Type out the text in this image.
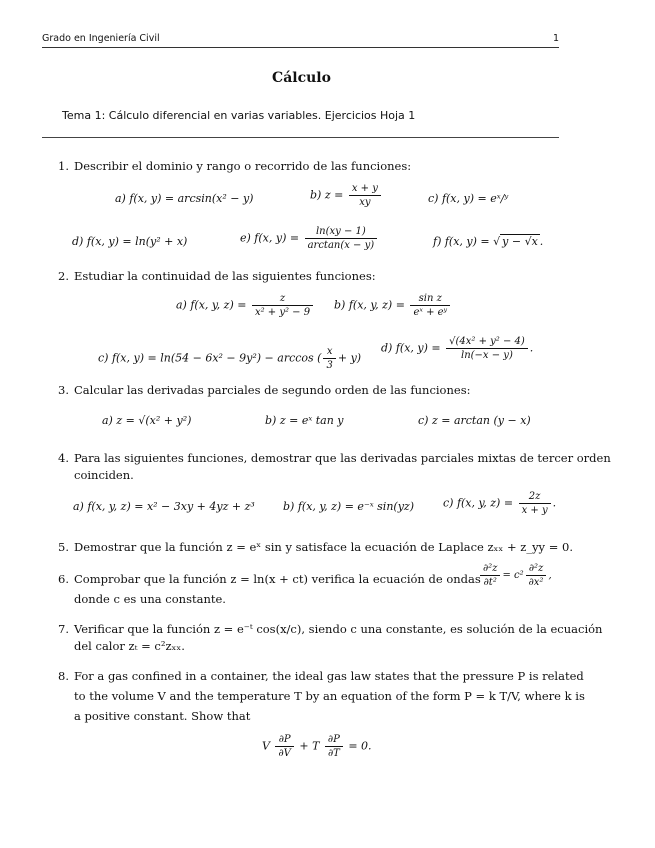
Grado en Ingeniería Civil	1
Cálculo
Tema 1: Cálculo diferencial en varias variables. Ejercicios Hoja 1
1. Describir el dominio y rango o recorrido de las funciones:
a) f(x, y) = arcsin(x² − y)	b) $z = \frac{x + y}{xy}$	c) f(x, y) = eˣ/ʸ
d) f(x, y) = ln(y² + x)	e) f(x, $y) = \frac{\ln(xy - 1)}{\arctan(x - y)}$	f) f(x, y) = √ y − √x .
2. Estudiar la continuidad de las siguientes funciones:
a) f(x, y, $z) = \frac{z}{\text{x² + y² − 9}} b$) f(x, y, $z) = \frac{\text{sin z}}{\text{eˣ + eʸ}}$
c) f(x, y) = ln(54 − 6x² − 9y²) − arccos ( $\frac{x}{3} + y$)
d) f(x, $y) = \frac{\text{√(4x² + y² − 4)}}{\ln(-x - y)}$ .
3. Calcular las derivadas parciales de segundo orden de las funciones:
a) z = √(x² + y²)	b) z = eˣ tan y	c) z = arctan (y − x)
4. Para las siguientes funciones, demostrar que las derivadas parciales mixtas de tercer orden
coinciden.
a) f(x, y, z) = x² − 3xy + 4yz + z³	b) f(x, y, z) = e⁻ˣ sin(yz)	c) f(x, y, $z) = \frac{2z}{x + y}$ .
5. Demostrar que la función z = eˣ sin y satisface la ecuación de Laplace zₓₓ + z_yy = 0.
6. Comprobar que la función z = ln(x + ct) verifica la ecuación de ondas $\frac{\text{∂²z}}{\text{∂t²}} = c^2 \frac{\text{∂²z}}{\text{∂x²}}$ ,
donde c es una constante.
7. Verificar que la función z = e⁻ᵗ cos(x/c), siendo c una constante, es solución de la ecuación
del calor zₜ = c²zₓₓ.
8. For a gas confined in a container, the ideal gas law states that the pressure P is related
to the volume V and the temperature T by an equation of the form P = k T/V, where k is
a positive constant. Show that
V $\frac{\partial P}{\partial V} + T \frac{\partial P}{\partial T} = 0$.
